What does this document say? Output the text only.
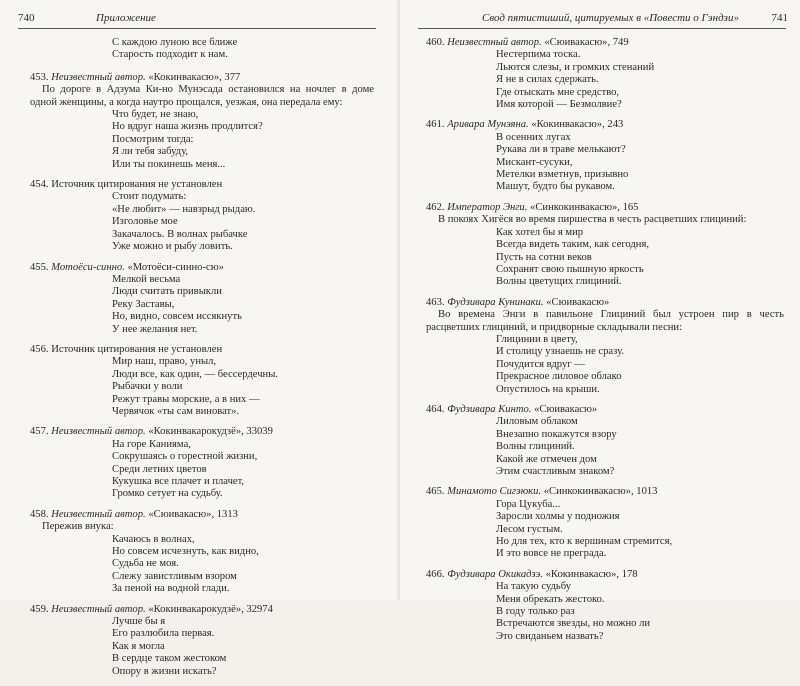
740	Приложение
С каждою луною все ближе
Старость подходит к нам.
453. Неизвестный автор. «Кокинвакасю», 377
По дороге в Адзума Ки-но Мунэсада остановился на ночлег в доме одной женщины, а когда наутро прощался, уезжая, она передала ему:
Что будет, не знаю,
Но вдруг наша жизнь продлится?
Посмотрим тогда:
Я ли тебя забуду,
Или ты покинешь меня...
454. Источник цитирования не установлен
Стоит подумать:
«Не любит» — навзрыд рыдаю.
Изголовье мое
Закачалось. В волнах рыбачке
Уже можно и рыбу ловить.
455. Мотоёси-синно. «Мотоёси-синно-сю»
Мелкой весьма
Люди считать привыкли
Реку Заставы,
Но, видно, совсем иссякнуть
У нее желания нет.
456. Источник цитирования не установлен
Мир наш, право, уныл,
Люди все, как один, — бессердечны.
Рыбачки у воли
Режут травы морские, а в них —
Червячок «ты сам виноват».
457. Неизвестный автор. «Кокинвакарокудзё», 33039
На горе Каниямa,
Сокрушаясь о горестной жизни,
Среди летних цветов
Кукушка все плачет и плачет,
Громко сетует на судьбу.
458. Неизвестный автор. «Сюивакасю», 1313
Пережив внука:
Качаюсь в волнах,
Но совсем исчезнуть, как видно,
Судьба не моя.
Слежу завистливым взором
За пеной на водной глади.
459. Неизвестный автор. «Кокинвакарокудзё», 32974
Лучше бы я
Его разлюбила первая.
Как я могла
В сердце таком жестоком
Опору в жизни искать?
Свод пятистиший, цитируемых в «Повести о Гэндзи»	741
460. Неизвестный автор. «Сюивакасю», 749
Нестерпима тоска.
Льются слезы, и громких стенаний
Я не в силах сдержать.
Где отыскать мне средство,
Имя которой — Безмолвие?
461. Аривара Мунэяна. «Кокинвакасю», 243
В осенних лугах
Рукава ли в траве мелькают?
Мискант-сусуки,
Метелки взметнув, призывно
Машут, будто бы рукавом.
462. Император Энги. «Синкокинвакасю», 165
В покоях Хигёся во время пиршества в честь расцветших глициний:
Как хотел бы я мир
Всегда видеть таким, как сегодня,
Пусть на сотни веков
Сохранят свою пышную яркость
Волны цветущих глициний.
463. Фудзивара Кунинаки. «Сюивакасю»
Во времена Энги в павильоне Глициний был устроен пир в честь расцветших глициний, и придворные складывали песни:
Глицинии в цвету,
И столицу узнаешь не сразу.
Почудится вдруг —
Прекрасное лиловое облако
Опустилось на крыши.
464. Фудзивара Кинто. «Сюивакасю»
Лиловым облаком
Внезапно покажутся взору
Волны глициний.
Какой же отмечен дом
Этим счастливым знаком?
465. Минамото Сигэюки. «Синкокинвакасю», 1013
Гора Цукуба...
Заросли холмы у подножия
Лесом густым.
Но для тех, кто к вершинам стремится,
И это вовсе не преграда.
466. Фудзивара Окикадзэ. «Кокинвакасю», 178
На такую судьбу
Меня обрекать жестоко.
В году только раз
Встречаются звезды, но можно ли
Это свиданьем назвать?
